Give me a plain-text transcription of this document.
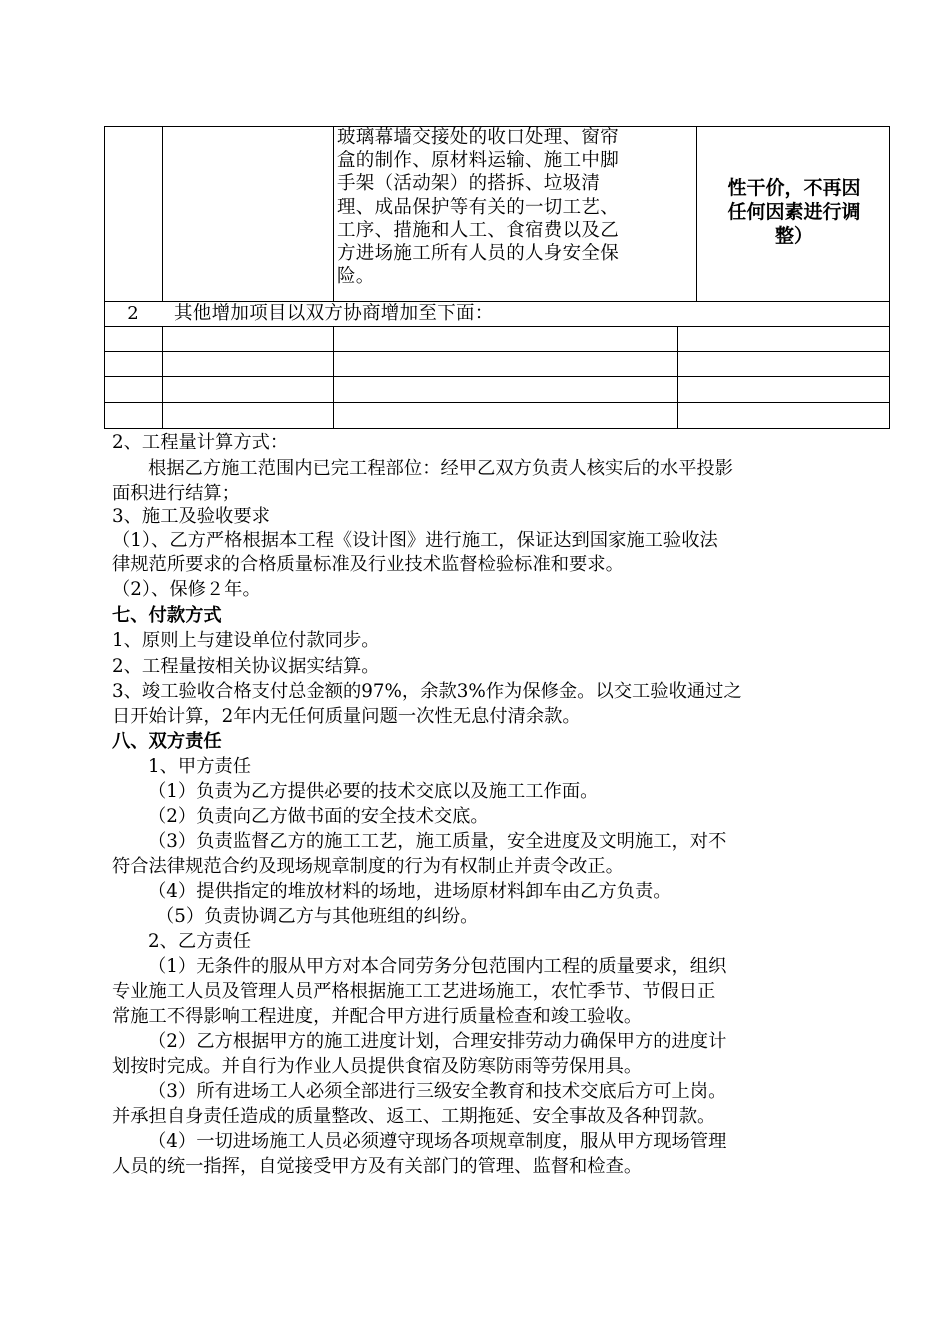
玻璃幕墙交接处的收口处理、窗帘
盒的制作、原材料运输、施工中脚
手架（活动架）的搭拆、垃圾清
理、成品保护等有关的一切工艺、
工序、措施和人工、食宿费以及乙
方进场施工所有人员的人身安全保
险。
性干价，不再因
任何因素进行调
整）
2	其他增加项目以双方协商增加至下面：
2、工程量计算方式：
根据乙方施工范围内已完工程部位：经甲乙双方负责人核实后的水平投影
面积进行结算；
3、施工及验收要求
（1）、乙方严格根据本工程《设计图》进行施工，保证达到国家施工验收法
律规范所要求的合格质量标准及行业技术监督检验标准和要求。
（2）、保修２年。
七、付款方式
1、原则上与建设单位付款同步。
2、工程量按相关协议据实结算。
3、竣工验收合格支付总金额的97%，余款3%作为保修金。以交工验收通过之
日开始计算，2年内无任何质量问题一次性无息付清余款。
八、双方责任
1、甲方责任
（1）负责为乙方提供必要的技术交底以及施工工作面。
（2）负责向乙方做书面的安全技术交底。
（3）负责监督乙方的施工工艺，施工质量，安全进度及文明施工，对不
符合法律规范合约及现场规章制度的行为有权制止并责令改正。
（4）提供指定的堆放材料的场地，进场原材料卸车由乙方负责。
（5）负责协调乙方与其他班组的纠纷。
2、乙方责任
（1）无条件的服从甲方对本合同劳务分包范围内工程的质量要求，组织
专业施工人员及管理人员严格根据施工工艺进场施工，农忙季节、节假日正
常施工不得影响工程进度，并配合甲方进行质量检查和竣工验收。
（2）乙方根据甲方的施工进度计划，合理安排劳动力确保甲方的进度计
划按时完成。并自行为作业人员提供食宿及防寒防雨等劳保用具。
（3）所有进场工人必须全部进行三级安全教育和技术交底后方可上岗。
并承担自身责任造成的质量整改、返工、工期拖延、安全事故及各种罚款。
（4）一切进场施工人员必须遵守现场各项规章制度，服从甲方现场管理
人员的统一指挥，自觉接受甲方及有关部门的管理、监督和检查。
